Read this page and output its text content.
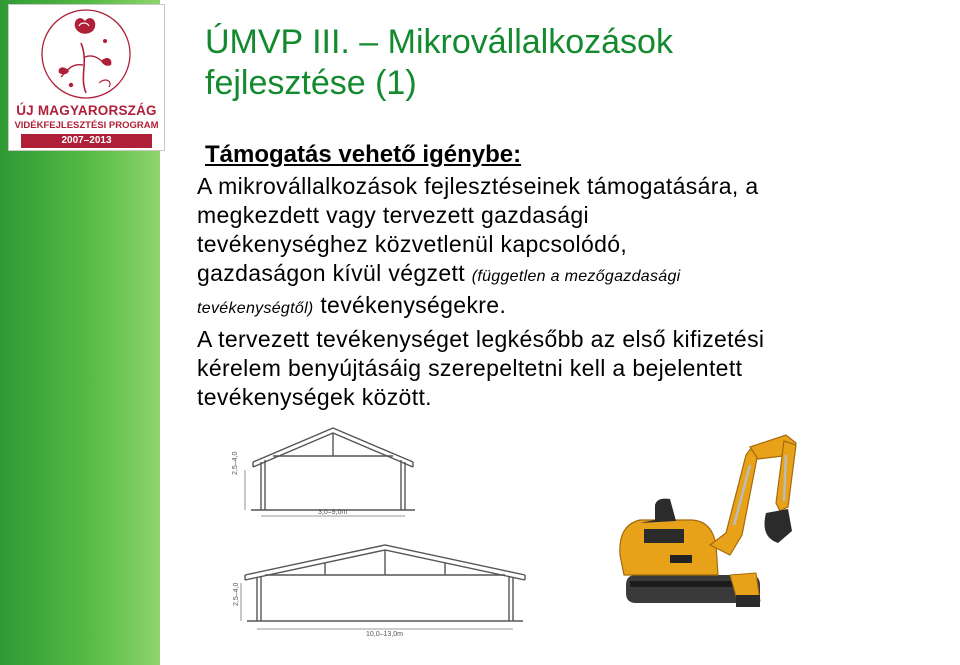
ÚJ MAGYARORSZÁG
VIDÉKFEJLESZTÉSI PROGRAM
2007–2013
ÚMVP III. – Mikrovállalkozások
fejlesztése (1)
Támogatás vehető igénybe:
A mikrovállalkozások fejlesztéseinek támogatására, a
megkezdett vagy tervezett gazdasági
tevékenységhez közvetlenül kapcsolódó,
gazdaságon kívül végzett (független a mezőgazdasági
tevékenységtől) tevékenységekre.
A tervezett tevékenységet legkésőbb az első kifizetési
kérelem benyújtásáig szerepeltetni kell a bejelentett
tevékenységek között.
2,5–4,0
3,0–9,0m
2,5–4,0
10,0–13,0m
